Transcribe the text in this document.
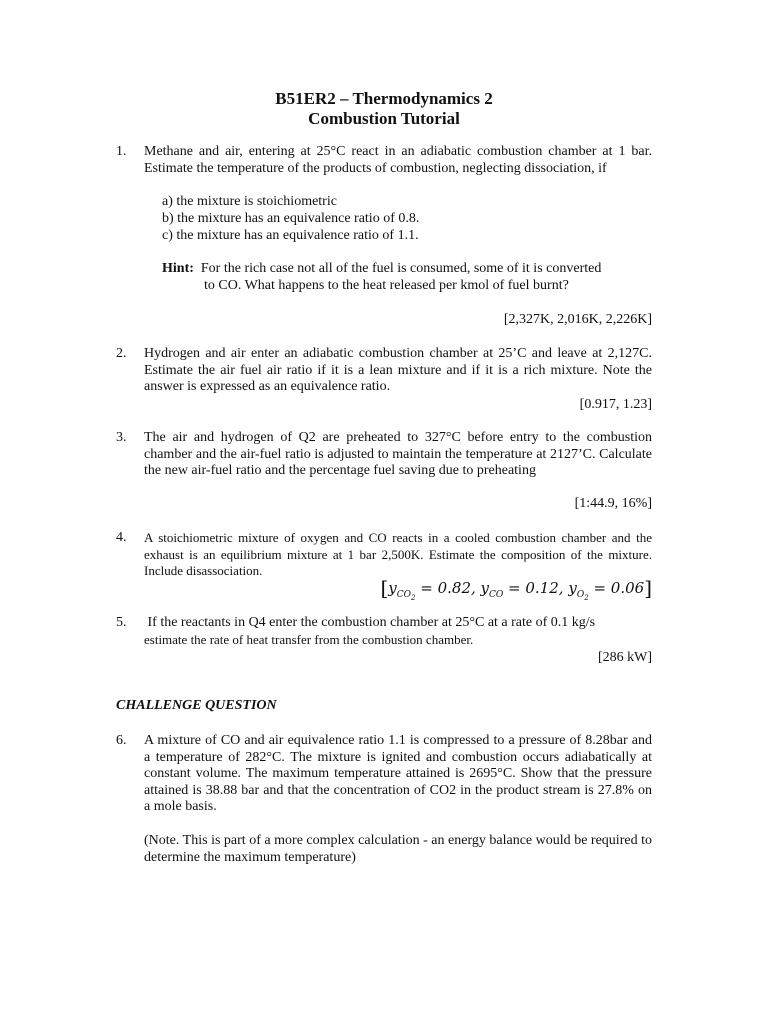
B51ER2 – Thermodynamics 2
Combustion Tutorial
1. Methane and air, entering at 25°C react in an adiabatic combustion chamber at 1 bar. Estimate the temperature of the products of combustion, neglecting dissociation, if
a) the mixture is stoichiometric
b) the mixture has an equivalence ratio of 0.8.
c) the mixture has an equivalence ratio of 1.1.
Hint: For the rich case not all of the fuel is consumed, some of it is converted
to CO. What happens to the heat released per kmol of fuel burnt?
[2,327K, 2,016K, 2,226K]
2. Hydrogen and air enter an adiabatic combustion chamber at 25’C and leave at 2,127C. Estimate the air fuel air ratio if it is a lean mixture and if it is a rich mixture. Note the answer is expressed as an equivalence ratio.
[0.917, 1.23]
3. The air and hydrogen of Q2 are preheated to 327°C before entry to the combustion chamber and the air-fuel ratio is adjusted to maintain the temperature at 2127’C. Calculate the new air-fuel ratio and the percentage fuel saving due to preheating
[1:44.9, 16%]
4. A stoichiometric mixture of oxygen and CO reacts in a cooled combustion chamber and the exhaust is an equilibrium mixture at 1 bar 2,500K. Estimate the composition of the mixture. Include disassociation.
[$y_{CO_2} = 0.82$, $y_{CO} = 0.12$, $y_{O_2} = 0.06$]
5. If the reactants in Q4 enter the combustion chamber at 25°C at a rate of 0.1 kg/s
estimate the rate of heat transfer from the combustion chamber.
[286 kW]
CHALLENGE QUESTION
6. A mixture of CO and air equivalence ratio 1.1 is compressed to a pressure of 8.28bar and a temperature of 282°C. The mixture is ignited and combustion occurs adiabatically at constant volume. The maximum temperature attained is 2695°C. Show that the pressure attained is 38.88 bar and that the concentration of CO2 in the product stream is 27.8% on a mole basis.
(Note. This is part of a more complex calculation - an energy balance would be required to determine the maximum temperature)
